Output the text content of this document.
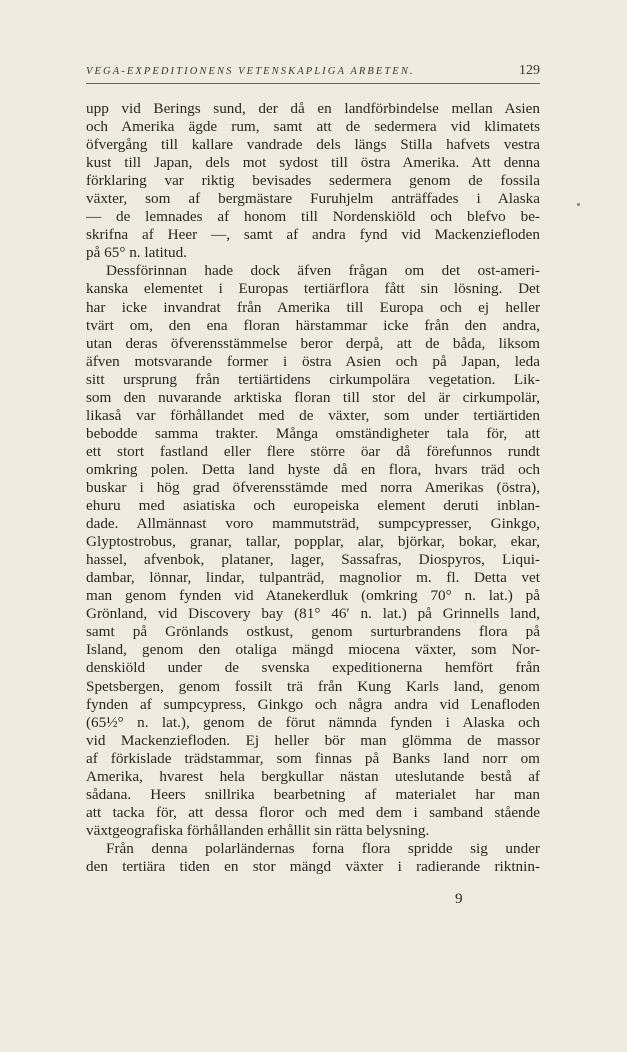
VEGA-EXPEDITIONENS VETENSKAPLIGA ARBETEN.	129
upp vid Berings sund, der då en landförbindelse mellan Asien
och Amerika ägde rum, samt att de sedermera vid klimatets
öfvergång till kallare vandrade dels längs Stilla hafvets vestra
kust till Japan, dels mot sydost till östra Amerika. Att denna
förklaring var riktig bevisades sedermera genom de fossila
växter, som af bergmästare Furuhjelm anträffades i Alaska
— de lemnades af honom till Nordenskiöld och blefvo be-
skrifna af Heer —, samt af andra fynd vid Mackenziefloden
på 65° n. latitud.
Dessförinnan hade dock äfven frågan om det ost-ameri-
kanska elementet i Europas tertiärflora fått sin lösning. Det
har icke invandrat från Amerika till Europa och ej heller
tvärt om, den ena floran härstammar icke från den andra,
utan deras öfverensstämmelse beror derpå, att de båda, liksom
äfven motsvarande former i östra Asien och på Japan, leda
sitt ursprung från tertiärtidens cirkumpolära vegetation. Lik-
som den nuvarande arktiska floran till stor del är cirkumpolär,
likaså var förhållandet med de växter, som under tertiärtiden
bebodde samma trakter. Många omständigheter tala för, att
ett stort fastland eller flere större öar då förefunnos rundt
omkring polen. Detta land hyste då en flora, hvars träd och
buskar i hög grad öfverensstämde med norra Amerikas (östra),
ehuru med asiatiska och europeiska element deruti inblan-
dade. Allmännast voro mammutsträd, sumpcypresser, Ginkgo,
Glyptostrobus, granar, tallar, popplar, alar, björkar, bokar, ekar,
hassel, afvenbok, plataner, lager, Sassafras, Diospyros, Liqui-
dambar, lönnar, lindar, tulpanträd, magnolior m. fl. Detta vet
man genom fynden vid Atanekerdluk (omkring 70° n. lat.) på
Grönland, vid Discovery bay (81° 46′ n. lat.) på Grinnells land,
samt på Grönlands ostkust, genom surturbrandens flora på
Island, genom den otaliga mängd miocena växter, som Nor-
denskiöld under de svenska expeditionerna hemfört från
Spetsbergen, genom fossilt trä från Kung Karls land, genom
fynden af sumpcypress, Ginkgo och några andra vid Lenafloden
(65½° n. lat.), genom de förut nämnda fynden i Alaska och
vid Mackenziefloden. Ej heller bör man glömma de massor
af förkislade trädstammar, som finnas på Banks land norr om
Amerika, hvarest hela bergkullar nästan uteslutande bestå af
sådana. Heers snillrika bearbetning af materialet har man
att tacka för, att dessa floror och med dem i samband stående
växtgeografiska förhållanden erhållit sin rätta belysning.
Från denna polarländernas forna flora spridde sig under
den tertiära tiden en stor mängd växter i radierande riktnin-
9
